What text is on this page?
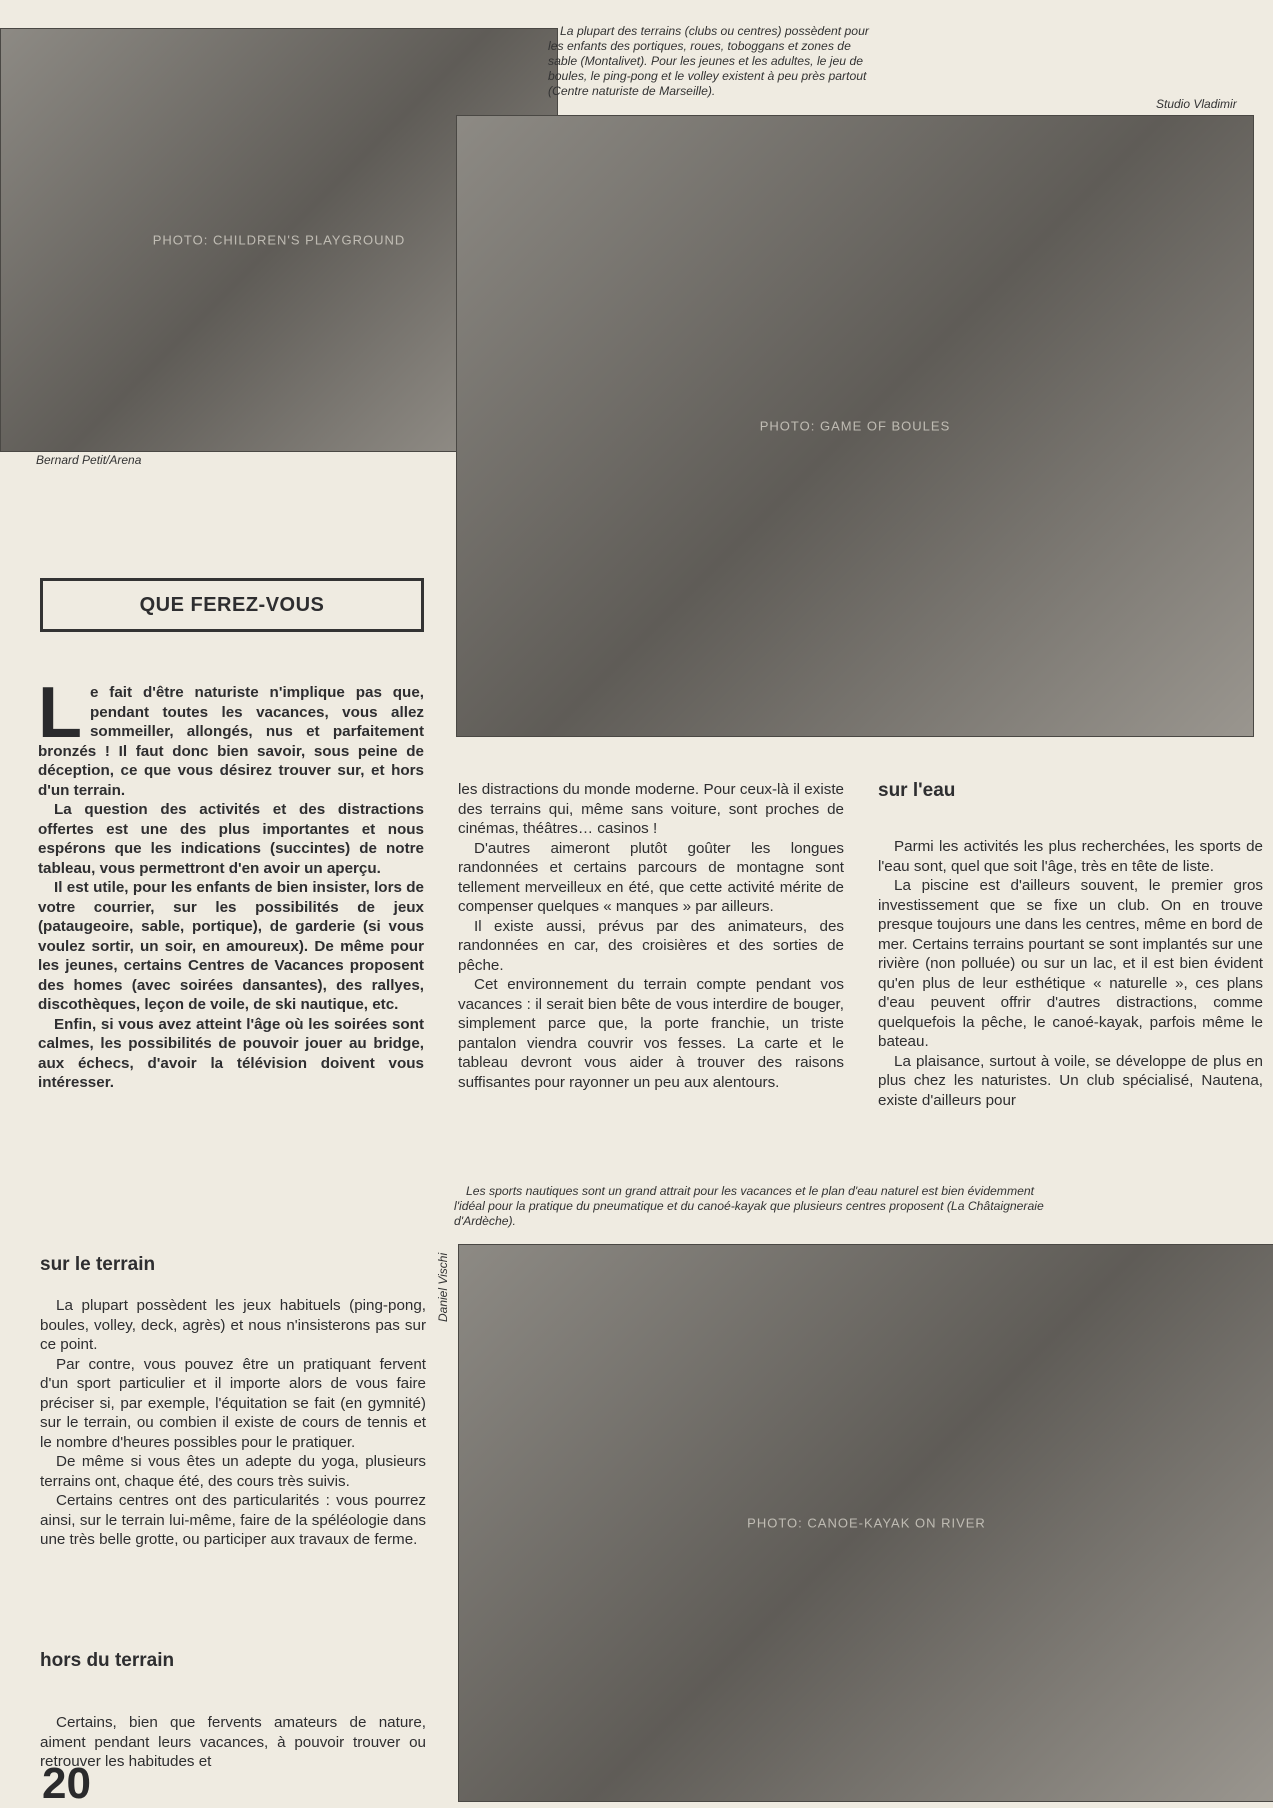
PHOTO: CHILDREN'S PLAYGROUND
PHOTO: GAME OF BOULES
PHOTO: CANOE-KAYAK ON RIVER
Bernard Petit/Arena
Studio Vladimir
Daniel Vischi

La plupart des terrains (clubs ou centres) possèdent pour les enfants des portiques, roues, toboggans et zones de sable (Montalivet). Pour les jeunes et les adultes, le jeu de boules, le ping-pong et le volley existent à peu près partout (Centre naturiste de Marseille).

Les sports nautiques sont un grand attrait pour les vacances et le plan d'eau naturel est bien évidemment l'idéal pour la pratique du pneumatique et du canoé-kayak que plusieurs centres proposent (La Châtaigneraie d'Ardèche).

QUE FEREZ-VOUS

Le fait d'être naturiste n'implique pas que, pendant toutes les vacances, vous allez sommeiller, allongés, nus et parfaitement bronzés ! Il faut donc bien savoir, sous peine de déception, ce que vous désirez trouver sur, et hors d'un terrain.

La question des activités et des distractions offertes est une des plus importantes et nous espérons que les indications (succintes) de notre tableau, vous permettront d'en avoir un aperçu.

Il est utile, pour les enfants de bien insister, lors de votre courrier, sur les possibilités de jeux (pataugeoire, sable, portique), de garderie (si vous voulez sortir, un soir, en amoureux). De même pour les jeunes, certains Centres de Vacances proposent des homes (avec soirées dansantes), des rallyes, discothèques, leçon de voile, de ski nautique, etc.

Enfin, si vous avez atteint l'âge où les soirées sont calmes, les possibilités de pouvoir jouer au bridge, aux échecs, d'avoir la télévision doivent vous intéresser.

sur le terrain

La plupart possèdent les jeux habituels (ping-pong, boules, volley, deck, agrès) et nous n'insisterons pas sur ce point.

Par contre, vous pouvez être un pratiquant fervent d'un sport particulier et il importe alors de vous faire préciser si, par exemple, l'équitation se fait (en gymnité) sur le terrain, ou combien il existe de cours de tennis et le nombre d'heures possibles pour le pratiquer.

De même si vous êtes un adepte du yoga, plusieurs terrains ont, chaque été, des cours très suivis.

Certains centres ont des particularités : vous pourrez ainsi, sur le terrain lui-même, faire de la spéléologie dans une très belle grotte, ou participer aux travaux de ferme.

hors du terrain

Certains, bien que fervents amateurs de nature, aiment pendant leurs vacances, à pouvoir trouver ou retrouver les habitudes et

les distractions du monde moderne. Pour ceux-là il existe des terrains qui, même sans voiture, sont proches de cinémas, théâtres… casinos !

D'autres aimeront plutôt goûter les longues randonnées et certains parcours de montagne sont tellement merveilleux en été, que cette activité mérite de compenser quelques « manques » par ailleurs.

Il existe aussi, prévus par des animateurs, des randonnées en car, des croisières et des sorties de pêche.

Cet environnement du terrain compte pendant vos vacances : il serait bien bête de vous interdire de bouger, simplement parce que, la porte franchie, un triste pantalon viendra couvrir vos fesses. La carte et le tableau devront vous aider à trouver des raisons suffisantes pour rayonner un peu aux alentours.

sur l'eau

Parmi les activités les plus recherchées, les sports de l'eau sont, quel que soit l'âge, très en tête de liste.

La piscine est d'ailleurs souvent, le premier gros investissement que se fixe un club. On en trouve presque toujours une dans les centres, même en bord de mer. Certains terrains pourtant se sont implantés sur une rivière (non polluée) ou sur un lac, et il est bien évident qu'en plus de leur esthétique « naturelle », ces plans d'eau peuvent offrir d'autres distractions, comme quelquefois la pêche, le canoé-kayak, parfois même le bateau.

La plaisance, surtout à voile, se développe de plus en plus chez les naturistes. Un club spécialisé, Nautena, existe d'ailleurs pour

20
